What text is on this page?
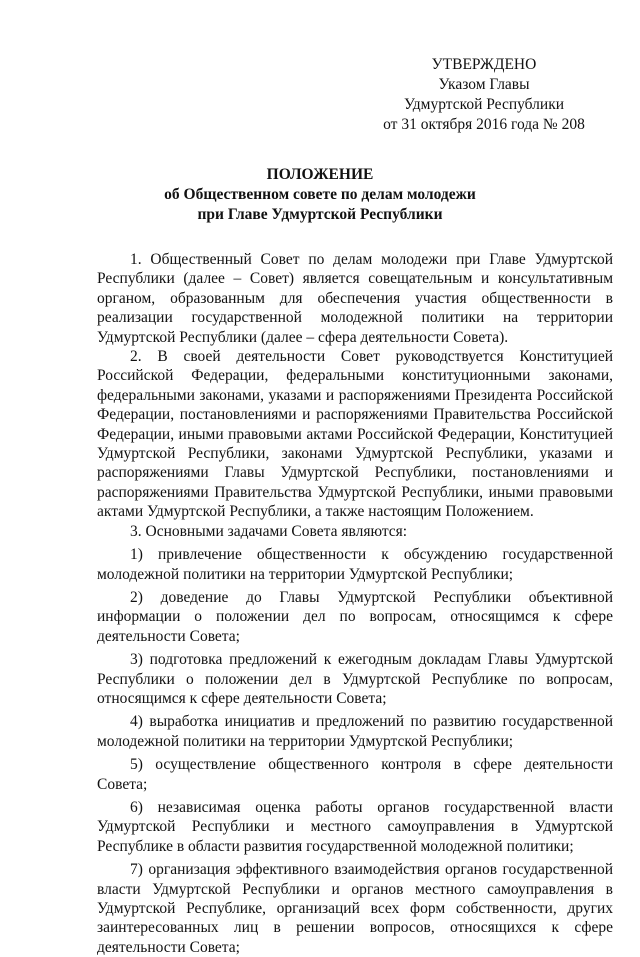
УТВЕРЖДЕНО
Указом Главы
Удмуртской Республики
от 31 октября 2016 года № 208
ПОЛОЖЕНИЕ
об Общественном совете по делам молодежи
при Главе Удмуртской Республики

1. Общественный Совет по делам молодежи при Главе Удмуртской Республики (далее – Совет) является совещательным и консультативным органом, образованным для обеспечения участия общественности в реализации государственной молодежной политики на территории Удмуртской Республики (далее – сфера деятельности Совета).

2. В своей деятельности Совет руководствуется Конституцией Российской Федерации, федеральными конституционными законами, федеральными законами, указами и распоряжениями Президента Российской Федерации, постановлениями и распоряжениями Правительства Российской Федерации, иными правовыми актами Российской Федерации, Конституцией Удмуртской Республики, законами Удмуртской Республики, указами и распоряжениями Главы Удмуртской Республики, постановлениями и распоряжениями Правительства Удмуртской Республики, иными правовыми актами Удмуртской Республики, а также настоящим Положением.

3. Основными задачами Совета являются:

1) привлечение общественности к обсуждению государственной молодежной политики на территории Удмуртской Республики;

2) доведение до Главы Удмуртской Республики объективной информации о положении дел по вопросам, относящимся к сфере деятельности Совета;

3) подготовка предложений к ежегодным докладам Главы Удмуртской Республики о положении дел в Удмуртской Республике по вопросам, относящимся к сфере деятельности Совета;

4) выработка инициатив и предложений по развитию государственной молодежной политики на территории Удмуртской Республики;

5) осуществление общественного контроля в сфере деятельности Совета;

6) независимая оценка работы органов государственной власти Удмуртской Республики и местного самоуправления в Удмуртской Республике в области развития государственной молодежной политики;

7) организация эффективного взаимодействия органов государственной власти Удмуртской Республики и органов местного самоуправления в Удмуртской Республике, организаций всех форм собственности, других заинтересованных лиц в решении вопросов, относящихся к сфере деятельности Совета;
